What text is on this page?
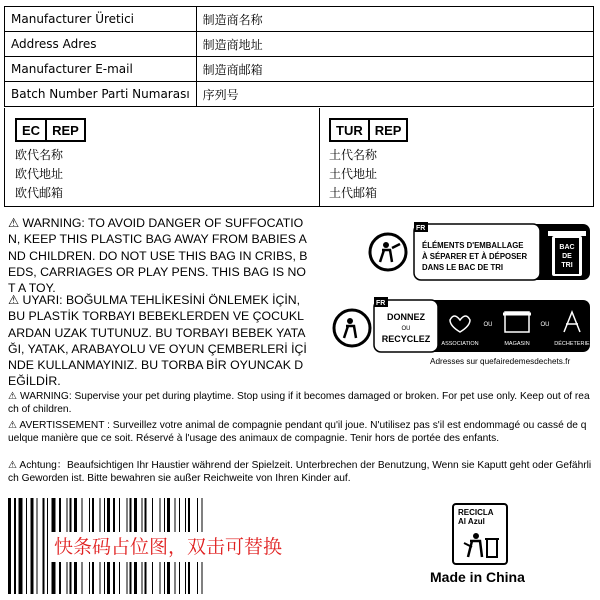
Manufacturer Üretici	制造商名称
Address Adres	制造商地址
Manufacturer E-mail	制造商邮箱
Batch Number Parti Numarası	序列号
EC REP
欧代名称
欧代地址
欧代邮箱
TUR REP
土代名称
土代地址
土代邮箱
⚠ WARNING: TO AVOID DANGER OF SUFFOCATION, KEEP THIS PLASTIC BAG AWAY FROM BABIES AND CHILDREN. DO NOT USE THIS BAG IN CRIBS, BEDS, CARRIAGES OR PLAY PENS. THIS BAG IS NOT A TOY.
⚠ UYARI: BOĞULMA TEHLİKESİNİ ÖNLEMEK İÇİN, BU PLASTİK TORBAYI BEBEKLERDEN VE ÇOCUKLARDAN UZAK TUTUNUZ. BU TORBAYI BEBEK YATAĞI, YATAK, ARABAYOLU VE OYUN ÇEMBERLERİ İÇİNDE KULLANMAYINIZ. BU TORBA BİR OYUNCAK DEĞİLDİR.
⚠ WARNING: Supervise your pet during playtime. Stop using if it becomes damaged or broken. For pet use only. Keep out of reach of children.
⚠ AVERTISSEMENT : Surveillez votre animal de compagnie pendant qu'il joue. N'utilisez pas s'il est endommagé ou cassé de quelque manière que ce soit. Réservé à l'usage des animaux de compagnie. Tenir hors de portée des enfants.
⚠ Achtung：Beaufsichtigen Ihr Haustier während der Spielzeit. Unterbrechen der Benutzung, Wenn sie Kaputt geht oder Gefährlich Geworden ist. Bitte bewahren sie außer Reichweite von Ihren Kinder auf.
FR
ÉLÉMENTS D'EMBALLAGE
À SÉPARER ET À DÉPOSER
DANS LE BAC DE TRI
BAC
DE
TRI
FR
DONNEZ
OU
RECYCLEZ ASSOCIATION
OU
MAGASIN
OU
DÉCHETERIE
Adresses sur quefairedemesdechets.fr
快条码占位图，双击可替换
RECICLA
Al Azul
Made in China
